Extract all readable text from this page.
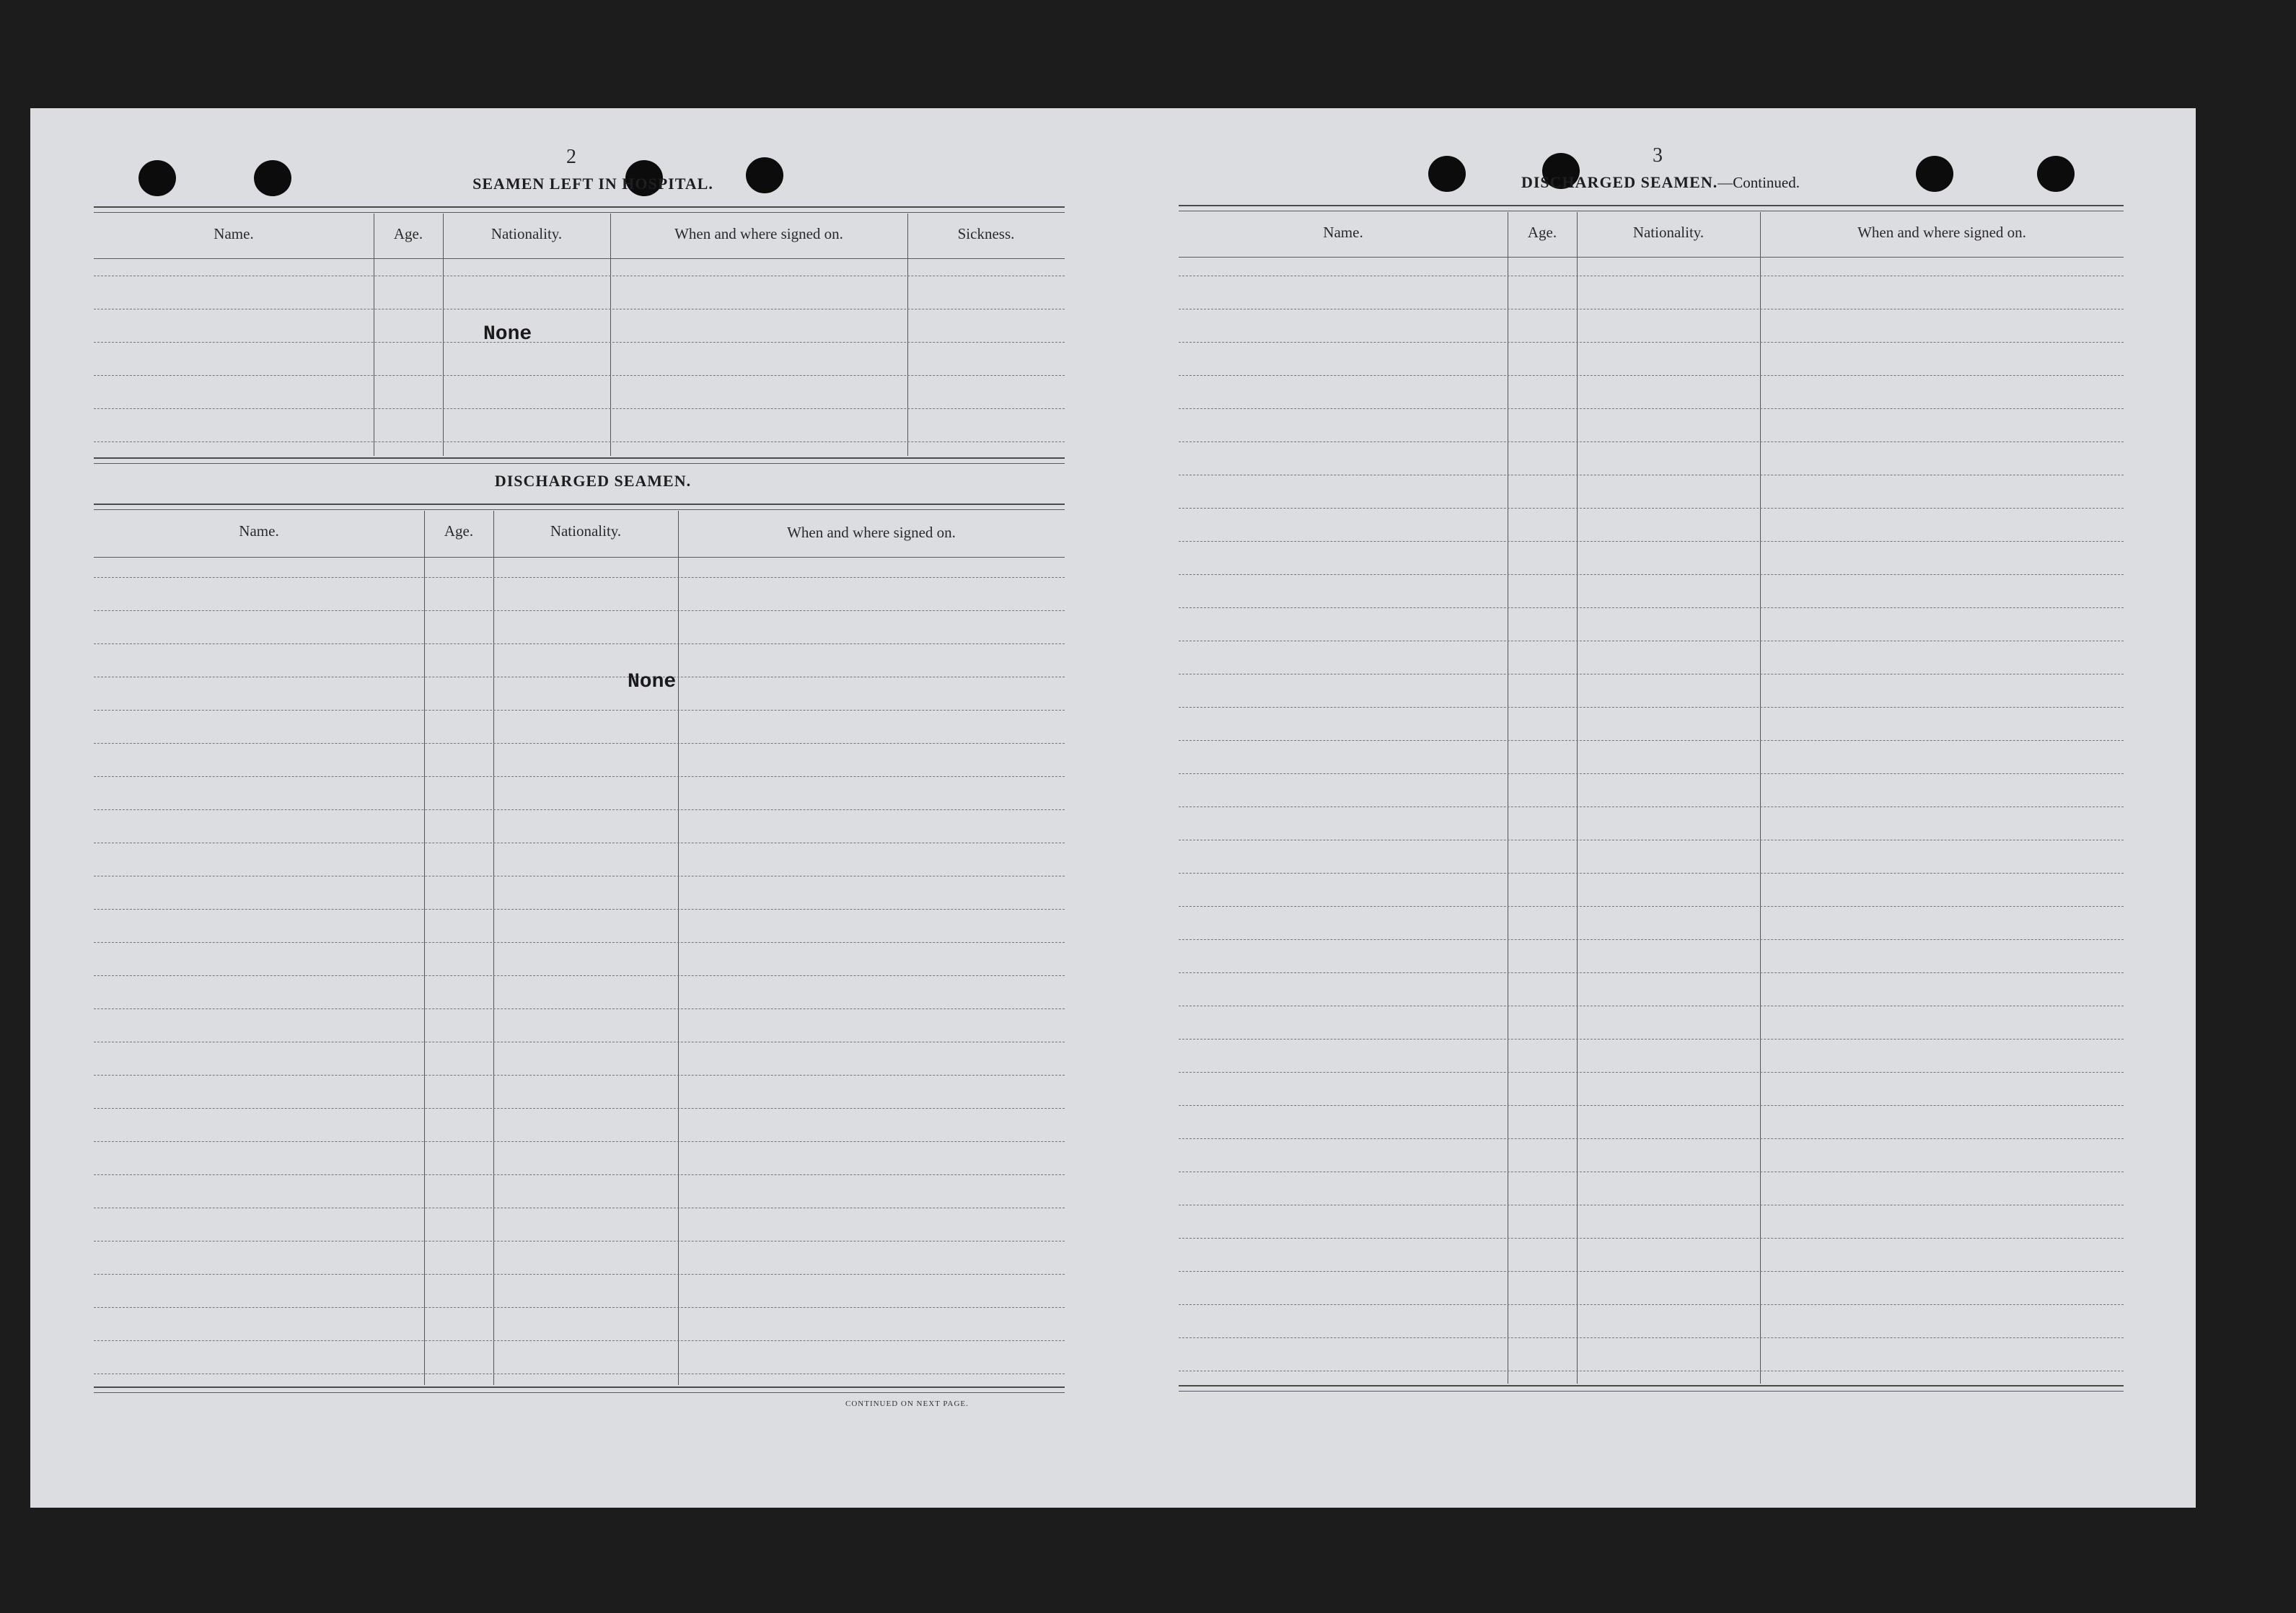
2
SEAMEN LEFT IN HOSPITAL.
Name.	Age.	Nationality.	When and where signed on.	Sickness.
None
DISCHARGED SEAMEN.
Name.	Age.	Nationality.	When and where signed on.
None
CONTINUED ON NEXT PAGE.
3
DISCHARGED SEAMEN.—Continued.
Name.	Age.	Nationality.	When and where signed on.
